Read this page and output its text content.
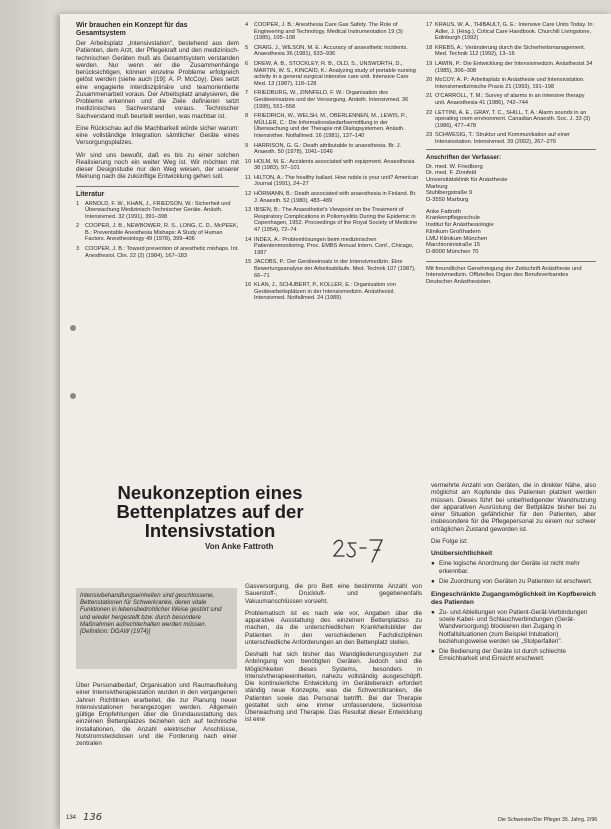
Wir brauchen ein Konzept für das Gesamtsystem

Der Arbeitsplatz „Intensivstation", bestehend aus dem Patienten, dem Arzt, der Pflegekraft und den medizinisch-technischen Geräten muß als Gesamtsystem verstanden werden. Nur wenn wir die Zusammenhänge berücksichtigen, können einzelne Probleme erfolgreich gelöst werden (siehe auch [19]: A. P. McCoy). Dies setzt eine engagierte interdisziplinäre und teamorientierte Zusammenarbeit voraus. Der Arbeitsplatz analysieren, die Probleme erkennen und die Ziele definieren setzt medizinisches Sachverstand voraus. Technischer Sachverstand muß beurteilt werden, was machbar ist.

Eine Rückschau auf die Machbarkeit würde sicher warum: eine vollständige Integration sämtlicher Geräte eines Versorgungsplatzes.

Wir sind uns bewußt, daß es bis zu einer solchen Realisierung noch ein weiter Weg ist. Wir möchten mit dieser Designstudie nur den Weg weisen, der unserer Meinung nach die zukünftige Entwicklung gehen soll.

Literatur
1 ARNOLD, F. W., KHAN, J., FRIEDSON, W.: Sicherheit und Überwachung Medizinisch-Technischer Geräte. Anästh. Intensivmed. 32 (1991), 391–398
2 COOPER, J. B., NEWBOWER, R. S., LONG, C. D., McPEEK, B.: Preventable Anesthesia Mishaps: A Study of Human Factors. Anesthesiology 49 (1978), 399–406
3 COOPER, J. B.: Toward prevention of anesthetic mishaps. Int. Anesthesiol. Clin. 22 (2) (1984), 167–183
4 COOPER, J. B.: Anesthesia Care Gas Safety. The Role of Engineering and Technology. Medical Instrumentation 19 (3) (1985), 105–108
5 CRAIG, J., WILSON, M. E.: Accuracy of anaesthetic incidents. Anaesthesia 36 (1981), 933–936
6 DREW, A. B., STOCKLEY, R. B., OLD, S., UNSWORTH, D., MARTIN, W. S., KINCAID, K.: Analyzing study of portable nursing activity in a general surgical intensive care unit. Intensive Care Med. 13 (1987), 118–128
7 FRIEDBURG, W., ZINNFELD, F. W.: Organisation des Geräteeinsatzes und der Versorgung. Anästh. Intensivmed. 36 (1995), 551–558
8 FRIEDRICH, W., WELSH, M., OBERLENNEN, M., LEWIS, P., MÜLLER, C.: Die Informationsbedarfsermittlung in der Überwachung und der Therapie mit Dialogsystemen. Anästh. Intensivther. Notfallmed. 16 (1981), 137–140
9 HARRISON, G. G.: Death attributable to anaesthesia. Br. J. Anaesth. 50 (1978), 1041–1046
10 HOLM, M. E.: Accidents associated with equipment. Anaesthesia 38 (1983), 97–101
11 HILTON, A.: The healthy ballast. How noble is your unit? American Journal (1991), 24–27
12 HÖRMANN, B.: Death associated with anaesthesia in Finland. Br. J. Anaesth. 52 (1980), 483–489
13 IBSEN, B.: The Anaesthetist's Viewpoint on the Treatment of Respiratory Complications in Poliomyelitis During the Epidemic in Copenhagen, 1952. Proceedings of the Royal Society of Medicine 47 (1954), 72–74
14 INDEX, A.: Problemlösungen beim medizinischen Patientenmonitoring. Proc. EMBS Annual Intern. Conf., Chicago, 1987
15 JACOBS, P.: Der Geräteeinsatz in der Intensivmedizin. Eine Bewertungsanalyse der Arbeitsabläufe. Med. Technik 107 (1987), 66–71
16 KLAN, J., SCHUBERT, P., KOLLER, E.: Organisation von Gerätearbeitsplätzen in der Intensivmedizin. Anästhesiol. Intensivmed. Notfallmed. 24 (1989)
17 KRAUS, W. A., THIBAULT, G. E.: Intensive Care Units Today. In: Adler, J. (Hrsg.), Critical Care Handbook. Churchill Livingstone, Edinburgh (1992)
18 KREBS, A.: Veränderung durch die Sicherheitsmanagement. Med. Technik 112 (1992), 13–16
19 LAWIN, P.: Die Entwicklung der Intensivmedizin. Anästhesist 34 (1985), 306–308
20 McCOY, A. P.: Arbeitsplatz in Anästhesie und Intensivstation. Intensivmedizinische Praxis 21 (1993), 191–198
21 O'CARROLL, T. M.: Survey of alarms in an intensive therapy unit. Anaesthesia 41 (1986), 742–744
22 LETTINI, A. E., GRAY, T. C., SHILL, T. A.: Alarm sounds in an operating room environment. Canadian Anaesth. Soc. J. 33 (3) (1986), 477–478
23 SCHWESIG, T.: Struktur und Kommunikation auf einer Intensivstation. Intensivmed. 39 (2002), 267–276
Anschriften der Verfasser:
Dr. med. W. Friedberg
Dr. med. F. Zinnfeld
Universitätsklinik für Anästhesie
Marburg
Stuhlbergstraße 9
D-3550 Marburg
Anke Fattroth
Krankenpflegeschule
Institut für Anästhesiologie
Klinikum Großhadern
LMU Klinikum München
Marchioninistraße 15
D-8000 München 70
Mit freundlicher Genehmigung der Zeitschrift Anästhesie und Intensivmedizin. Offizielles Organ des Berufsverbandes Deutscher Anästhesisten.
Neukonzeption eines Bettenplatzes auf der Intensivstation
Von Anke Fattroth

Intensivbehandlungseinheiten sind geschlossene, Bettenstationen für Schwerkranke, deren vitale Funktionen in lebensbedrohlicher Weise gestört sind und wieder hergestellt bzw. durch besondere Maßnahmen aufrechterhalten werden müssen. [Definition: DGAW (1974)]

Über Personalbedarf, Organisation und Raumaufteilung einer Intensivtherapiestation wurden in den vergangenen Jahren Richtlinien erarbeitet, die zur Planung neuer Intensivstationen herangezogen werden. Allgemein gültige Empfehlungen über die Grundausstattung des einzelnen Bettenplatzes beziehen sich auf technische Installationen, die Anzahl elektrischer Anschlüsse, Notstromsteckdosen und die Forderung nach einer zentralen

Gasversorgung, die pro Bett eine bestimmte Anzahl von Sauerstoff-, Druckluft- und gegebenenfalls Vakuumanschlüssen vorsieht.

Problematisch ist es nach wie vor, Angaben über die apparative Ausstattung des einzelnen Bettenplatzes zu machen, da die unterschiedlichen Krankheitsbilder der Patienten in den verschiedenen Fachdisziplinen unterschiedliche Anforderungen an den Bettenplatz stellen.

Deshalb hat sich bisher das Wandgliederungssystem zur Anbringung von benötigten Geräten. Jedoch sind die Möglichkeiten dieses Systems, besonders in Intensivtherapieeinheiten, nahezu vollständig ausgeschöpft. Die kontinuierliche Entwicklung im Gerätebereich erfordert ständig neue Konzepte, was die Schwerstkranken, die Patienten sowie das Personal betrifft. Bei der Therapie gestaltet sich eine immer umfassendere, lückenlose Überwachung und Therapie. Das Resultat dieser Entwicklung ist eine

vermehrte Anzahl von Geräten, die in direkter Nähe, also möglichst am Kopfende des Patienten platziert werden müssen. Dieses führt bei unbefriedigender Wandnutzung der apparativen Ausrüstung der Bettplätze bisher bei zu einer Situation gefährlicher für den Patienten, aber insbesondere für die Pflegepersonal zu einem nur schwer erträglichen Zustand geworden ist.

Die Folge ist:

Unübersichtlichkeit
● Eine logische Anordnung der Geräte ist nicht mehr erkennbar.
● Die Zuordnung von Geräten zu Patienten ist erschwert.
Eingeschränkte Zugangsmöglichkeit im Kopfbereich des Patienten
● Zu- und Ableitungen von Patient-Gerät-Verbindungen sowie Kabel- und Schlauchverbindungen (Gerät-Wandversorgung) blockieren den Zugang in Notfallsituationen (zum Beispiel Intubation) beziehungsweise werden sie „Stolperfallen".
● Die Bedienung der Geräte ist durch schlechte Erreichbarkeit und Einsicht erschwert.
134 136	Die Schwester/Der Pfleger 35. Jahrg. 2/96
